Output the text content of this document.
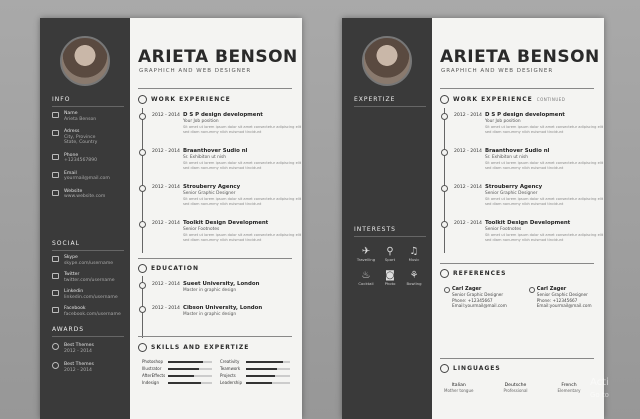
INFO
Name
Arieta Benson
Adress
City, Province
State, Country
Phone
+1234567890
Email
yourmail@mail.com
Website
www.website.com
SOCIAL
Skype
skype.com/username
Twitter
twitter.com/username
Linkedin
linkedin.com/username
Facebook
facebook.com/username
AWARDS
Best Themes
2012 - 2014
Best Themes
2012 - 2014
ARIETA BENSON
GRAPHICH AND WEB DESIGNER
WORK EXPERIENCE
2012 - 2014 D S P design development
Your Job position
Sit amet ut lorem ipsum dolor sit amet consectetur adipiscing elit sed diam nonummy nibh euismod tincidunt
2012 - 2014 Braanthover Sudio nl
Sr. Exhibiton ut nish
Sit amet ut lorem ipsum dolor sit amet consectetur adipiscing elit sed diam nonummy nibh euismod tincidunt
2012 - 2014 Strouberry Agency
Senior Graphic Designer
Sit amet ut lorem ipsum dolor sit amet consectetur adipiscing elit sed diam nonummy nibh euismod tincidunt
2012 - 2014 Toolkit Design Development
Senior Footnotes
Sit amet ut lorem ipsum dolor sit amet consectetur adipiscing elit sed diam nonummy nibh euismod tincidunt
EDUCATION
2012 - 2014 Sueet University, London
Master in graphic design
2012 - 2014 Cibson University, London
Master in graphic design
SKILLS AND EXPERTIZE
Photoshop
Illustrator
AfterEffects
Indesign
Creativity
Teamwork
Projects
Leadership
EXPERTIZE
INTERESTS
✈
Travelling
⚲
Sport
♫
Music
♨
Cocktail
◙
Photo
⚘
Bowling
ARIETA BENSON
GRAPHICH AND WEB DESIGNER
WORK EXPERIENCE CONTINUED
2012 - 2014 D S P design development
Your Job position
Sit amet ut lorem ipsum dolor sit amet consectetur adipiscing elit sed diam nonummy nibh euismod tincidunt
2012 - 2014 Braanthover Sudio nl
Sr. Exhibiton ut nish
Sit amet ut lorem ipsum dolor sit amet consectetur adipiscing elit sed diam nonummy nibh euismod tincidunt
2012 - 2014 Strouberry Agency
Senior Graphic Designer
Sit amet ut lorem ipsum dolor sit amet consectetur adipiscing elit sed diam nonummy nibh euismod tincidunt
2012 - 2014 Toolkit Design Development
Senior Footnotes
Sit amet ut lorem ipsum dolor sit amet consectetur adipiscing elit sed diam nonummy nibh euismod tincidunt
REFERENCES
Carl Zager
Senior Graphic Designer
Phone: +12345667
Email:yourmail@mail.com
Carl Zager
Senior Graphic Designer
Phone: +12345667
Email:yourmail@mail.com
LINGUAGES
Italian
Mother tongue
Deutsche
Professional
French
Elementary
Acti
Go to
